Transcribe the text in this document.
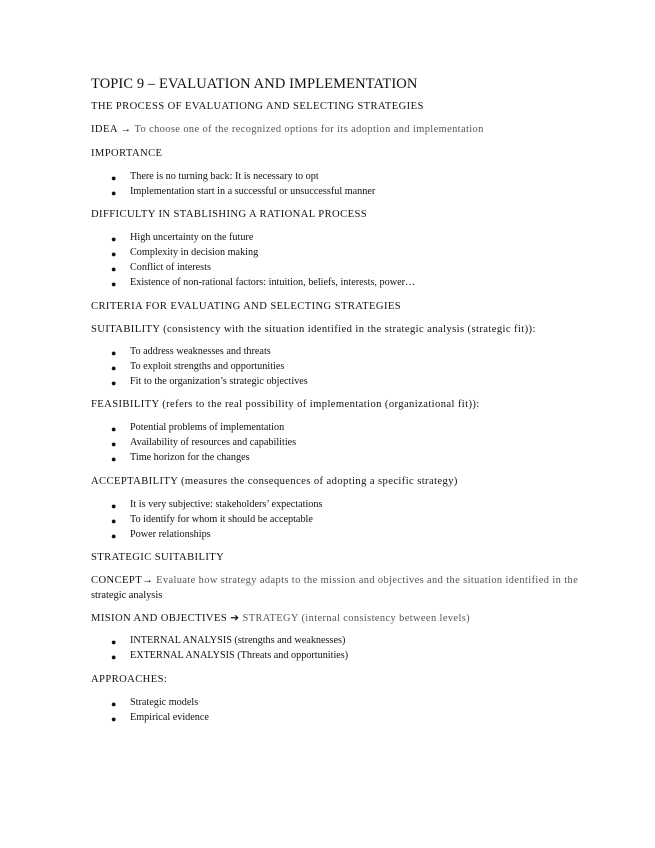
TOPIC 9 – EVALUATION AND IMPLEMENTATION
THE PROCESS OF EVALUATIONG AND SELECTING STRATEGIES
IDEA → To choose one of the recognized options for its adoption and implementation
IMPORTANCE
● There is no turning back: It is necessary to opt
● Implementation start in a successful or unsuccessful manner
DIFFICULTY IN STABLISHING A RATIONAL PROCESS
● High uncertainty on the future
● Complexity in decision making
● Conflict of interests
● Existence of non-rational factors: intuition, beliefs, interests, power…
CRITERIA FOR EVALUATING AND SELECTING STRATEGIES
SUITABILITY (consistency with the situation identified in the strategic analysis (strategic fit)):
● To address weaknesses and threats
● To exploit strengths and opportunities
● Fit to the organization’s strategic objectives
FEASIBILITY (refers to the real possibility of implementation (organizational fit)):
● Potential problems of implementation
● Availability of resources and capabilities
● Time horizon for the changes
ACCEPTABILITY (measures the consequences of adopting a specific strategy)
● It is very subjective: stakeholders’ expectations
● To identify for whom it should be acceptable
● Power relationships
STRATEGIC SUITABILITY
CONCEPT→ Evaluate how strategy adapts to the mission and objectives and the situation identified in the
strategic analysis
MISION AND OBJECTIVES ➔ STRATEGY (internal consistency between levels)
● INTERNAL ANALYSIS (strengths and weaknesses)
● EXTERNAL ANALYSIS (Threats and opportunities)
APPROACHES:
● Strategic models
● Empirical evidence
